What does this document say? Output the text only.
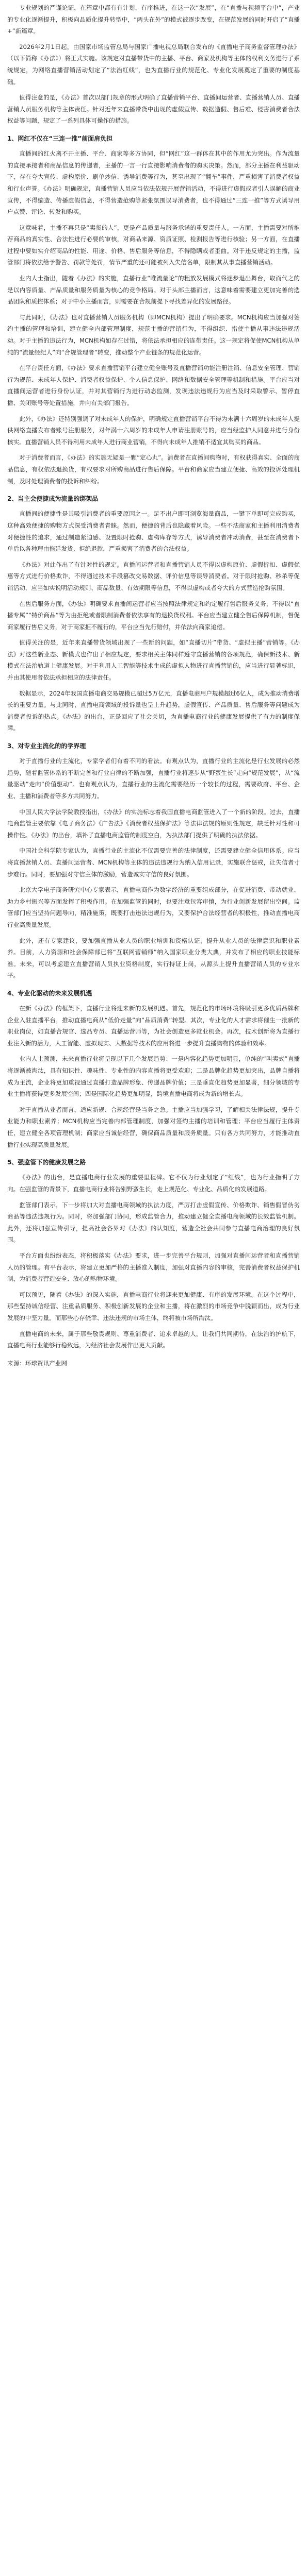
专业规划的严谨论证，在篇章中都有有计划、有序推进，在这一次“发展”，在“直播与视频平台中”，产业的专业化逐渐提升，积极向品质化提升转型中，“两头在外”的模式被逐步改变，在规范发展的同时开启了“直播+”新篇章。

2026年2月1日起，由国家市场监管总局与国家广播电视总局联合发布的《直播电子商务监督管理办法》（以下简称《办法》）将正式实施。该规定对直播带货中的主播、平台、商家及机构等主体的权利义务进行了系统规定，为网络直播营销活动划定了“法治红线”，也为直播行业的规范化、专业化发展奠定了重要的制度基础。

值得注意的是，《办法》首次以部门规章的形式明确了直播营销平台、直播间运营者、直播营销人员、直播营销人员服务机构等主体责任。针对近年来直播带货中出现的虚假宣传、数据造假、售后难、侵害消费者合法权益等问题，规定了一系列具体可操作的措施。

1、网红不仅在“三连一推”前面肩负担

直播间的红火离不开主播、平台、商家等多方协同，但“网红”这一群体在其中的作用尤为突出。作为流量的直接承接者和商品信息的传递者，主播的一言一行直接影响消费者的购买决策。然而，部分主播在利益驱动下，存在夸大宣传、虚构原价、刷单炒信、诱导消费等行为，甚至出现了“翻车”事件，严重损害了消费者权益和行业声誉。《办法》明确规定，直播营销人员应当依法依规开展营销活动，不得进行虚假或者引人误解的商业宣传，不得编造、传播虚假信息，不得营造抢购等紧张氛围误导消费者，也不得通过“三连一推”等方式诱导用户点赞、评论、转发和购买。

这意味着，主播不再只是“卖货的人”，更是产品质量与服务承诺的重要责任人。一方面，主播需要对所推荐商品的真实性、合法性进行必要的审核，对商品来源、资质证照、检测报告等进行核验；另一方面，在直播过程中要如实介绍商品的性能、用途、价格、售后服务等信息，不得隐瞒或者歪曲。对于违反规定的主播，监管部门将依法给予警告、罚款等处罚，情节严重的还可能被列入失信名单，限制其从事直播营销活动。

业内人士指出，随着《办法》的实施，直播行业“唯流量论”的粗放发展模式将逐步退出舞台，取而代之的是以内容质量、产品质量和服务质量为核心的竞争格局。对于头部主播而言，这意味着需要建立更加完善的选品团队和质控体系；对于中小主播而言，则需要在合规前提下寻找差异化的发展路径。

与此同时，《办法》也对直播营销人员服务机构（即MCN机构）提出了明确要求。MCN机构应当加强对签约主播的管理和培训，建立健全内部管理制度，规范主播的营销行为，不得组织、指使主播从事违法违规活动。对于主播的违法行为，MCN机构如存在过错，将依法承担相应的连带责任。这一规定将促使MCN机构从单纯的“流量经纪人”向“合规管理者”转变，推动整个产业链条的规范化运营。

在平台责任方面，《办法》要求直播营销平台建立健全账号及直播营销功能注册注销、信息安全管理、营销行为规范、未成年人保护、消费者权益保护、个人信息保护、网络和数据安全管理等机制和措施。平台应当对直播间运营者进行身份认证，并对其营销行为进行动态监测，发现违法违规行为应当及时采取警示、暂停直播、关闭账号等处置措施，并向有关部门报告。

此外，《办法》还特别强调了对未成年人的保护，明确规定直播营销平台不得为未满十六周岁的未成年人提供网络直播发布者账号注册服务，对年满十六周岁的未成年人申请注册账号的，应当经监护人同意并进行身份核实。直播营销人员不得利用未成年人进行商业营销，不得向未成年人推销不适宜其购买的商品。

对于消费者而言，《办法》的实施无疑是一颗“定心丸”。消费者在直播间购物时，有权获得真实、全面的商品信息，有权依法退换货，有权要求对所购商品进行售后保障。平台和商家应当建立便捷、高效的投诉处理机制，及时处理消费者的投诉和纠纷。

2、当主会便捷成为流量的绑架品

直播间的便捷性是其吸引消费者的重要原因之一。足不出户即可浏览海量商品，一键下单即可完成购买，这种高效便捷的购物方式深受消费者青睐。然而，便捷的背后也隐藏着风险。一些不法商家和主播利用消费者对便捷性的追求，通过制造紧迫感、设置限时抢购、虚构库存等方式，诱导消费者冲动消费，甚至在消费者下单后以各种理由拖延发货、拒绝退款，严重损害了消费者的合法权益。

《办法》对此作出了有针对性的规定。直播间运营者和直播营销人员不得以虚构原价、虚假折扣、虚假优惠等方式进行价格欺诈，不得通过技术手段篡改交易数据、评价信息等误导消费者。对于限时抢购、秒杀等促销活动，应当如实说明活动规则、商品数量、有效期限等信息，不得以虚构或者夸大的方式营造抢购氛围。

在售后服务方面，《办法》明确要求直播间运营者应当按照法律规定和约定履行售后服务义务，不得以“直播专属”“特价商品”等为由拒绝或者限制消费者依法享有的退换货权利。平台应当建立健全售后保障机制，督促商家履行售后义务，对于商家拒不履行的，平台应当先行赔付，并依法向商家追偿。

值得关注的是，近年来直播带货领域出现了一些新的问题，如“直播切片”带货、“虚拟主播”营销等。《办法》对这些新业态、新模式也作出了相应规定，要求相关主体同样遵守直播营销的各项规范，确保新技术、新模式在法治轨道上健康发展。对于利用人工智能等技术生成的虚拟人物进行直播营销的，应当进行显著标识，并由其使用者依法承担相应的法律责任。

数据显示，2024年我国直播电商交易规模已超过5万亿元，直播电商用户规模超过6亿人，成为推动消费增长的重要力量。与此同时，直播电商领域的投诉量也呈上升趋势，虚假宣传、产品质量、售后服务等问题成为消费者投诉的热点。《办法》的出台，正是回应了社会关切，为直播电商行业的健康发展提供了有力的制度保障。

3、对专业主流化的的学界理

对于直播行业的主流化，专家学者们有着不同的看法。有观点认为，直播行业的主流化是行业发展的必然趋势，随着监管体系的不断完善和行业自律的不断加强，直播行业将逐步从“野蛮生长”走向“规范发展”，从“流量驱动”走向“价值驱动”。也有观点认为，直播行业的主流化需要经历一个较长的过程，需要政府、平台、企业、主播和消费者等多方共同努力。

中国人民大学法学院教授指出，《办法》的实施标志着我国直播电商监管进入了一个新的阶段。过去，直播电商监管主要依靠《电子商务法》《广告法》《消费者权益保护法》等法律法规的原则性规定，缺乏针对性和可操作性。《办法》的出台，填补了直播电商监管的制度空白，为执法部门提供了明确的执法依据。

中国社会科学院专家认为，直播行业的主流化不仅需要完善的法律制度，还需要建立健全信用体系。应当将直播营销人员、直播间运营者、MCN机构等主体的违法违规行为纳入信用记录，实施联合惩戒，让失信者寸步难行。同时，要加强对守信主体的激励，营造诚实守信的良好氛围。

北京大学电子商务研究中心专家表示，直播电商作为数字经济的重要组成部分，在促进消费、带动就业、助力乡村振兴等方面发挥了积极作用。在加强监管的同时，也要注意包容审慎，为行业创新发展留出空间。监管部门应当坚持问题导向，精准施策，既要打击违法违规行为，又要保护合法经营者的积极性，推动直播电商行业高质量发展。

此外，还有专家建议，要加强直播从业人员的职业培训和资格认证，提升从业人员的法律意识和职业素养。目前，人力资源和社会保障部已将“互联网营销师”纳入国家职业分类大典，并发布了相应的职业技能标准。未来，可以考虑建立直播营销人员执业资格制度，实行持证上岗，从源头上提升直播营销人员的专业水平。

4、专业化驱动的未来发展机遇

在新《办法》的框架下，直播行业将迎来新的发展机遇。首先，规范化的市场环境将吸引更多优质品牌和企业入驻直播平台，推动直播电商从“低价走量”向“品质消费”转型。其次，专业化的人才需求将催生一批新的职业岗位，如直播合规官、选品专员、直播运营师等，为社会创造更多就业机会。再次，技术创新将为直播行业注入新的活力，人工智能、虚拟现实、大数据等技术的应用将进一步提升直播购物的体验和效率。

业内人士预测，未来直播行业将呈现以下几个发展趋势：一是内容化趋势更加明显，单纯的“叫卖式”直播将逐渐被淘汰，具有知识性、趣味性、专业性的内容直播将更受欢迎；二是品牌化趋势更加突出，品牌自播将成为主流，企业将更加重视通过直播打造品牌形象、传递品牌价值；三是垂直化趋势更加显著，细分领域的专业主播将获得更多发展空间；四是国际化趋势更加明显，跨境直播电商将成为新的增长点。

对于直播从业者而言，适应新规、合规经营是当务之急。主播应当加强学习，了解相关法律法规，提升专业能力和职业素养；MCN机构应当完善内部管理制度，加强对签约主播的培训和管理；平台应当履行主体责任，建立健全各项管理机制；商家应当诚信经营，确保商品质量和服务质量。只有各方共同努力，才能推动直播行业实现高质量发展。

5、强监管下的健康发展之路

《办法》的出台，是直播电商行业发展的重要里程碑。它不仅为行业划定了“红线”，也为行业指明了方向。在强监管的背景下，直播电商行业将告别野蛮生长，走上规范化、专业化、品质化的发展道路。

监管部门表示，下一步将加大对直播电商领域的执法力度，严厉打击虚假宣传、价格欺诈、销售假冒伪劣商品等违法违规行为。同时，将加强部门协同，形成监管合力，推动建立健全直播电商领域的长效监管机制。此外，还将加强宣传引导，提高社会各界对《办法》的认知度，营造全社会共同参与直播电商治理的良好氛围。

平台方面也纷纷表态，将积极落实《办法》要求，进一步完善平台规则，加强对直播间运营者和直播营销人员的管理。有平台表示，将建立更加严格的主播准入制度，加强对直播内容的审核，完善消费者权益保护机制，为消费者营造安全、放心的购物环境。

可以预见，随着《办法》的深入实施，直播电商行业将迎来更加健康、有序的发展环境。在这个过程中，那些坚持诚信经营、注重品质服务、积极创新发展的企业和主播，将在激烈的市场竞争中脱颖而出，成为行业发展的中坚力量。而那些心存侥幸、违法违规的市场主体，终将被市场所淘汰。

直播电商的未来，属于那些敬畏规则、尊重消费者、追求卓越的人。让我们共同期待，在法治的护航下，直播电商行业能够行稳致远，为经济社会发展作出更大贡献。

来源：环球资讯产业网
